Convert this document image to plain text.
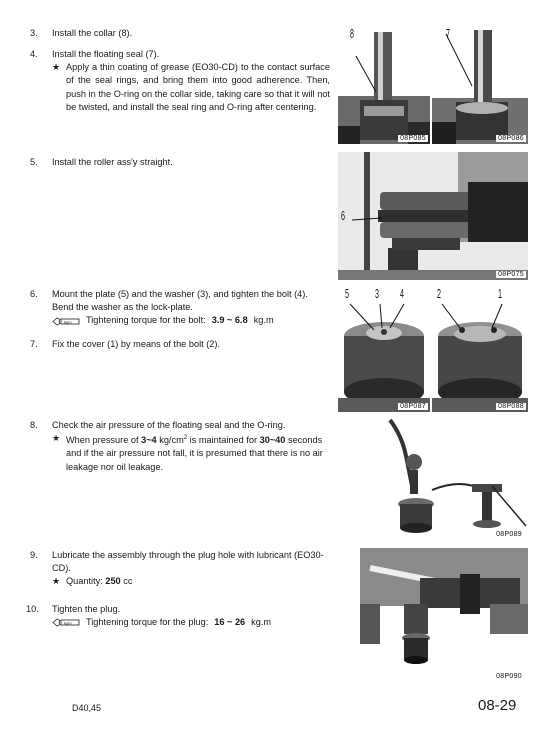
3.	Install the collar (8).

4.	Install the floating seal (7).

★ Apply a thin coating of grease (EO30-CD) to the contact surface of the seal rings, and bring them into good adherence. Then, push in the O-ring on the collar side, taking care so that it will not be twisted, and install the seal ring and O-ring after centering.

5.	Install the roller ass'y straight.

6.	Mount the plate (5) and the washer (3), and tighten the bolt (4).

Bend the washer as the lock-plate.

kgm Tightening torque for the bolt: 3.9 ~ 6.8 kg.m

7.	Fix the cover (1) by means of the bolt (2).

8.	Check the air pressure of the floating seal and the O-ring.

★ When pressure of 3~4 $kg/cm^2$ is maintained for 30~40 seconds and if the air pressure not fall, it is presumed that there is no air leakage nor oil leakage.

9.	Lubricate the assembly through the plug hole with lubricant (EO30-CD).

★ Quantity: 250 cc

10.	Tighten the plug.

kgm Tightening torque for the plug: 16 ~ 26 kg.m

8
08P085
7
08P086
6
08P075
5 3 4
08P087
2	1
08P088
08P089
08P090
D40,45	08-29
